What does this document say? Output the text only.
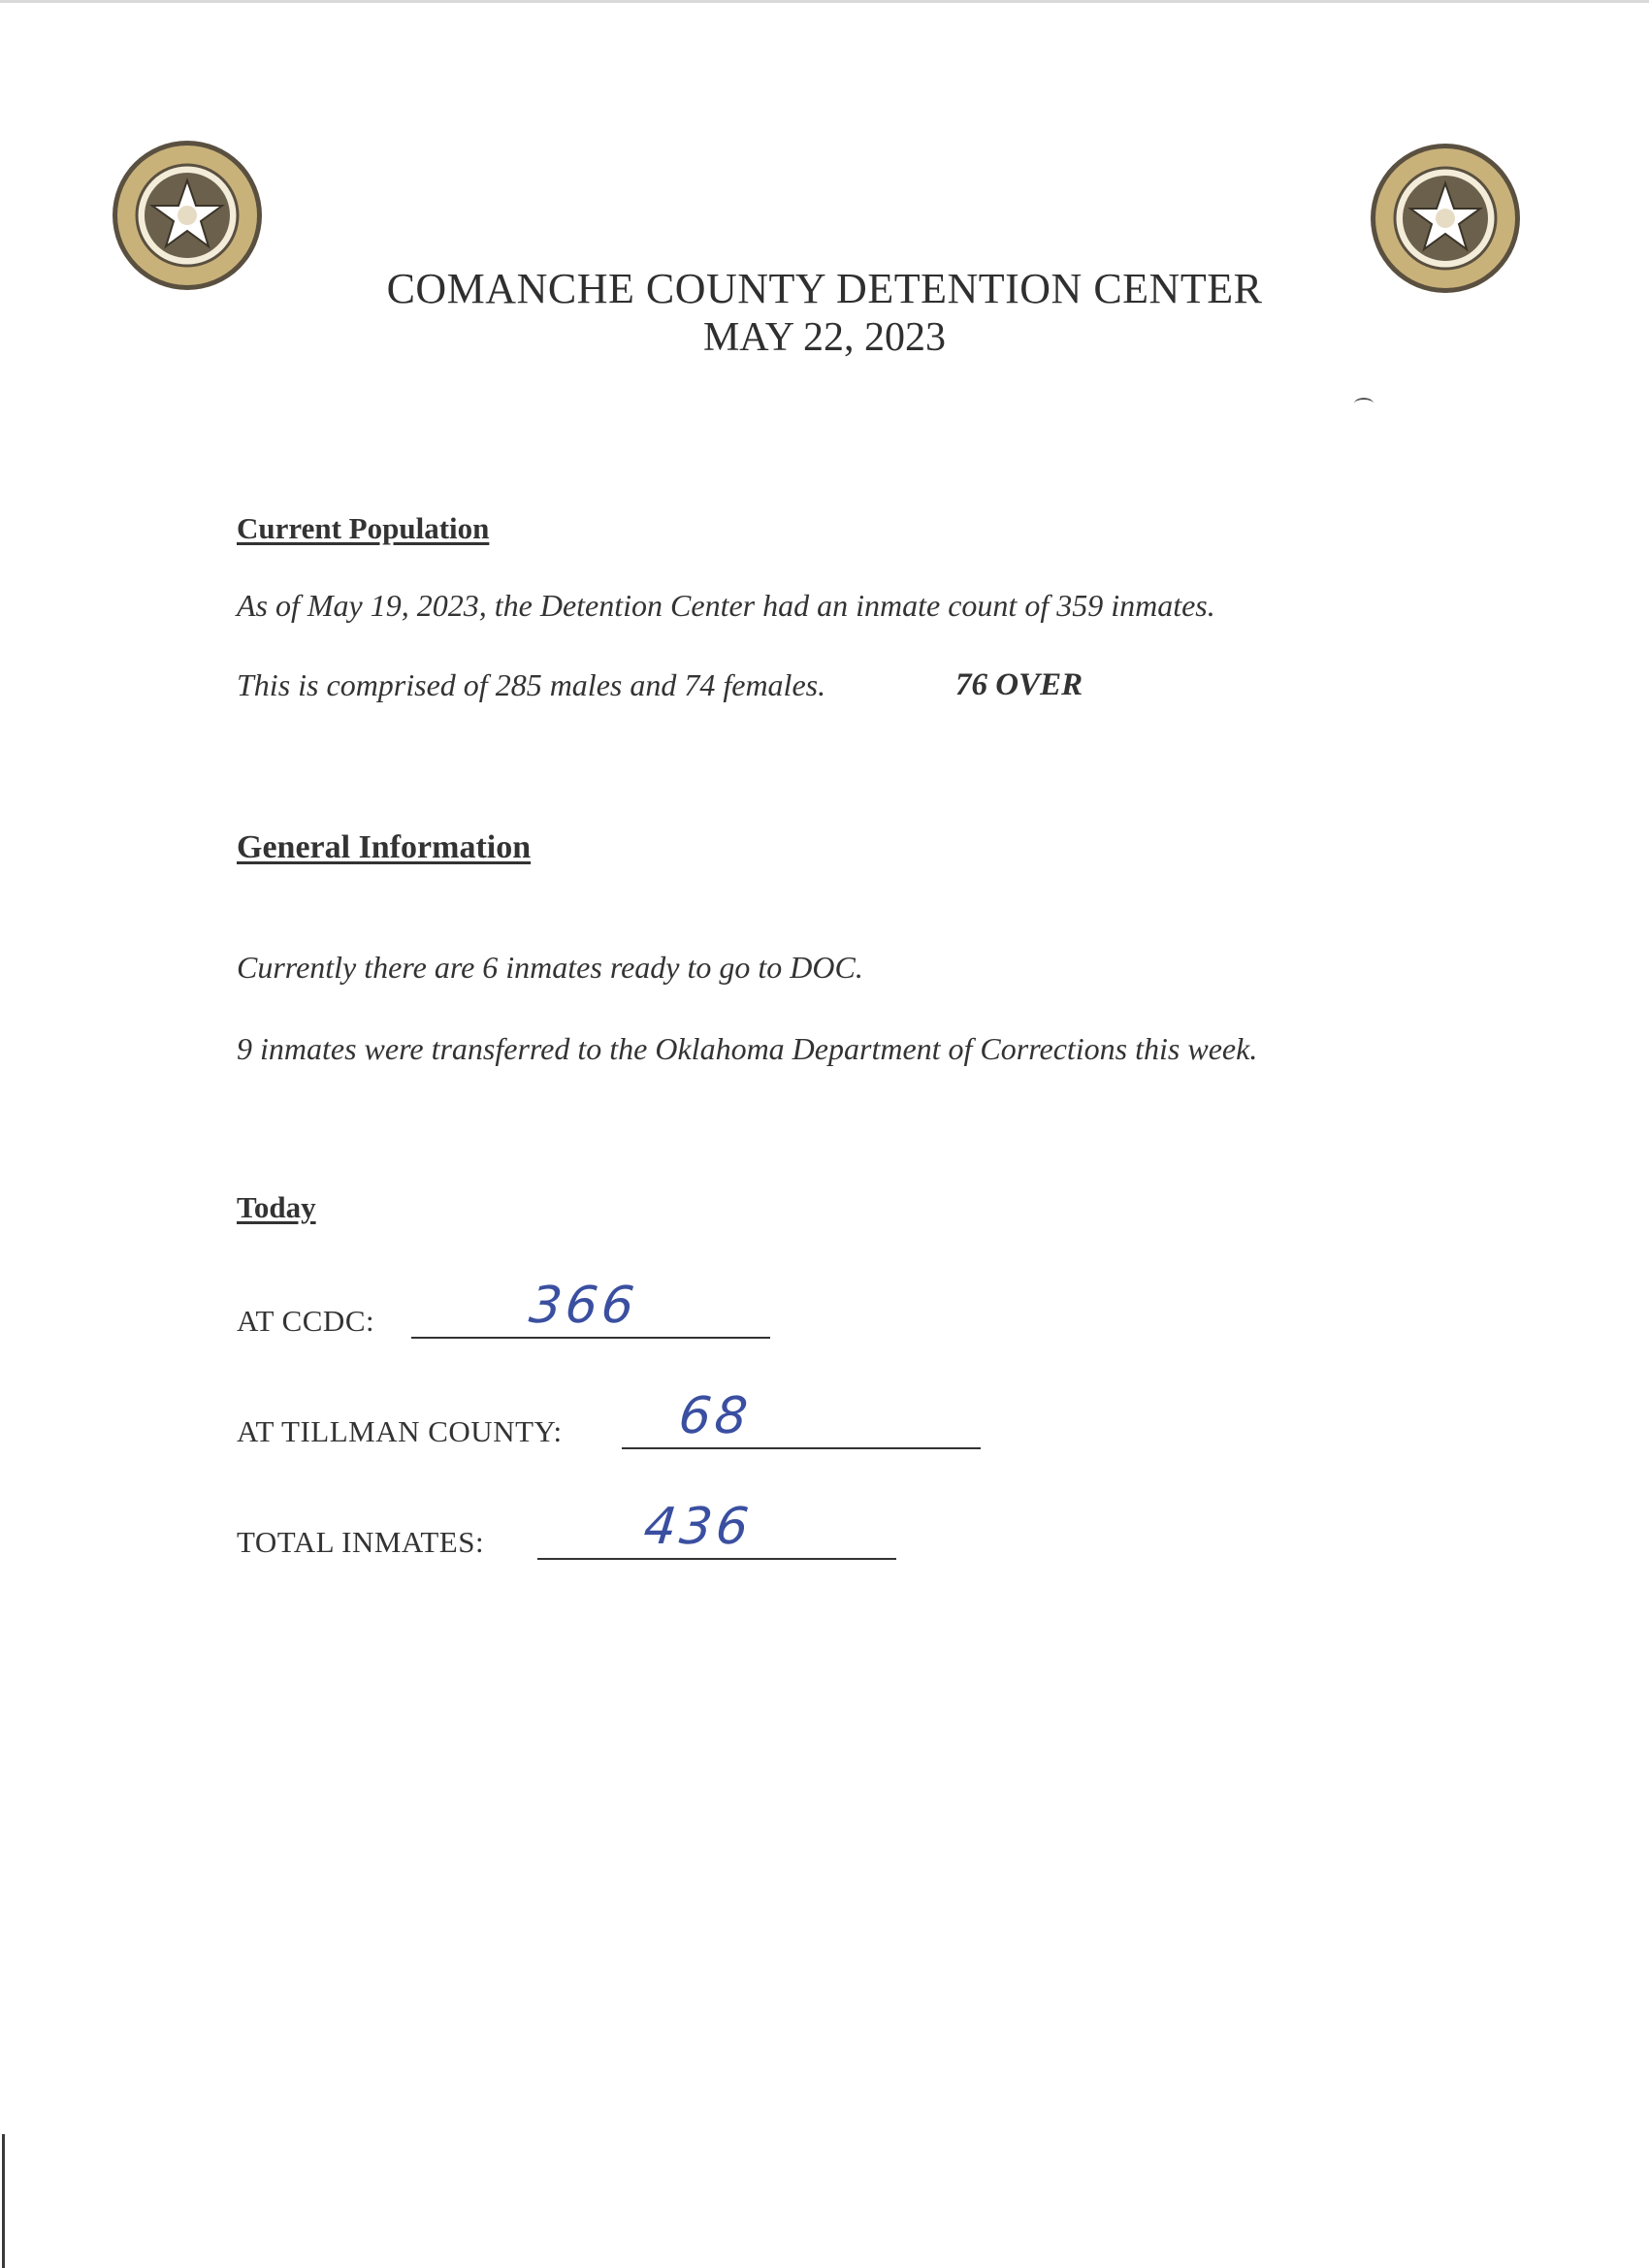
COMANCHE COUNTY DETENTION CENTER
MAY 22, 2023
Current Population
As of May 19, 2023, the Detention Center had an inmate count of 359 inmates.
This is comprised of 285 males and 74 females.	76 OVER
General Information
Currently there are 6 inmates ready to go to DOC.
9 inmates were transferred to the Oklahoma Department of Corrections this week.
Today
AT CCDC:	366
AT TILLMAN COUNTY: 68
TOTAL INMATES:	436
